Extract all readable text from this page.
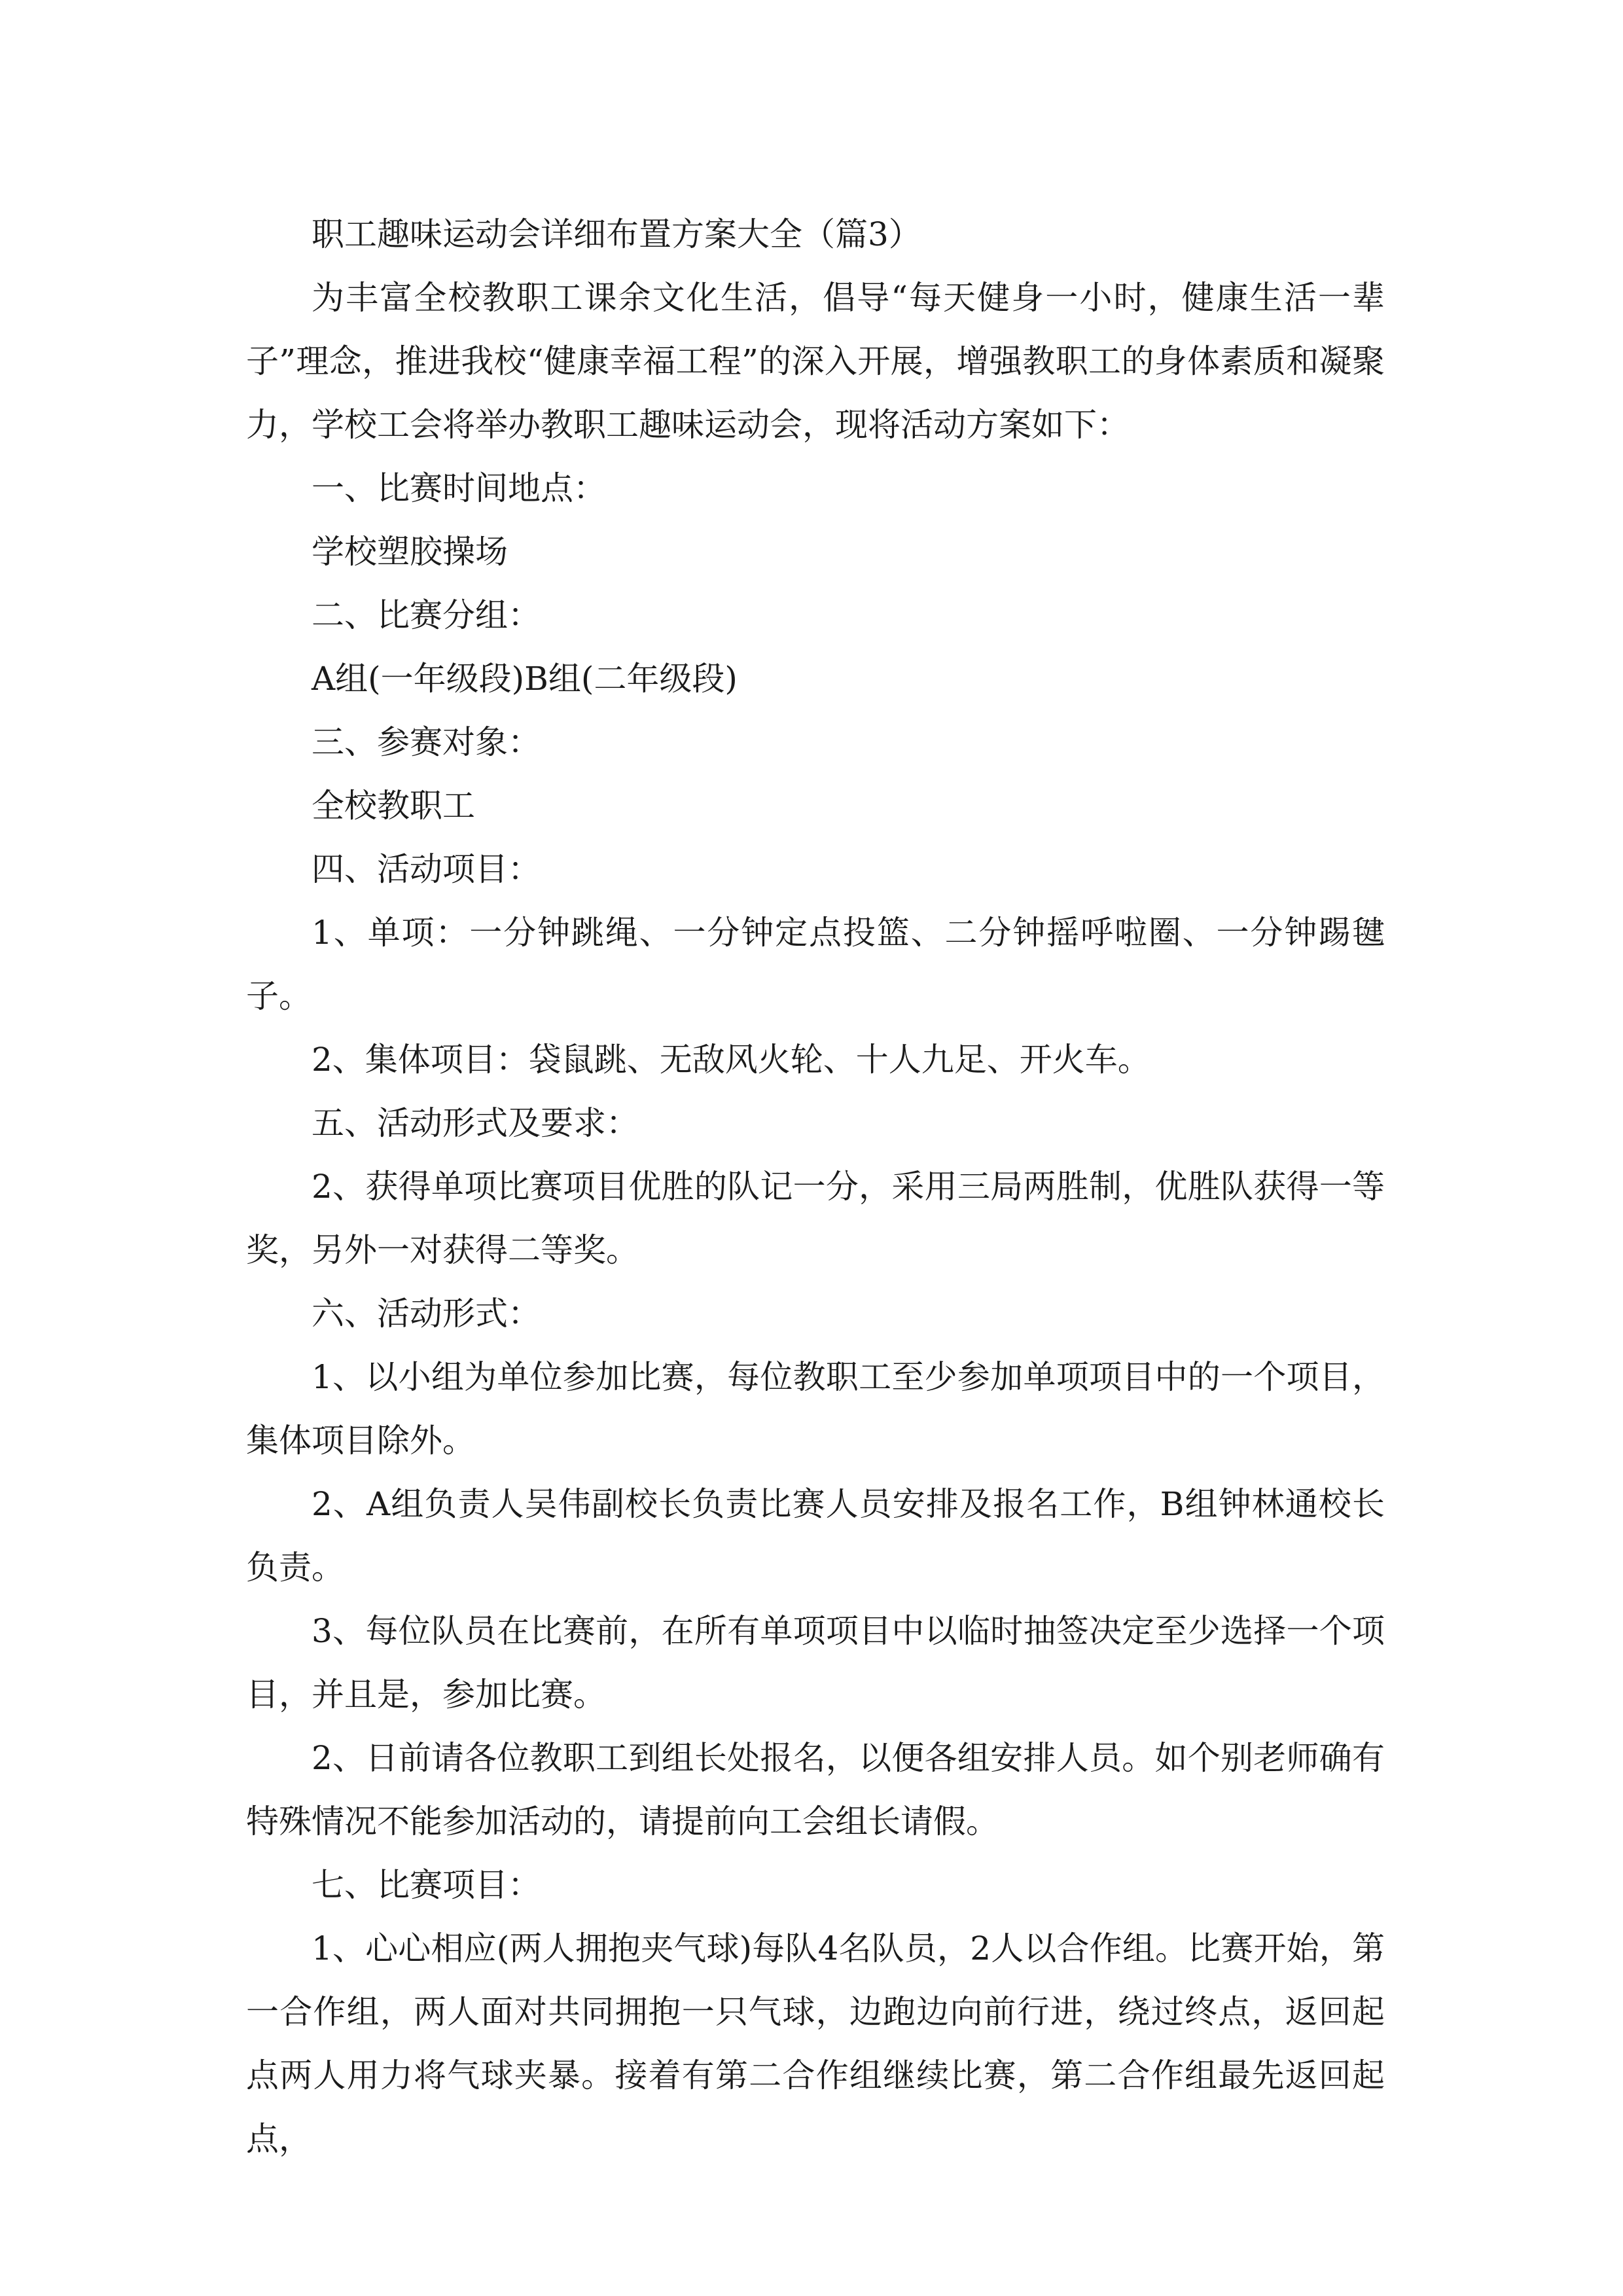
职工趣味运动会详细布置方案大全（篇3）

为丰富全校教职工课余文化生活，倡导“每天健身一小时，健康生活一辈子”理念，推进我校“健康幸福工程”的深入开展，增强教职工的身体素质和凝聚力，学校工会将举办教职工趣味运动会，现将活动方案如下：

一、比赛时间地点：

学校塑胶操场

二、比赛分组：

A组(一年级段)B组(二年级段)

三、参赛对象：

全校教职工

四、活动项目：

1、单项：一分钟跳绳、一分钟定点投篮、二分钟摇呼啦圈、一分钟踢毽子。

2、集体项目：袋鼠跳、无敌风火轮、十人九足、开火车。

五、活动形式及要求：

2、获得单项比赛项目优胜的队记一分，采用三局两胜制，优胜队获得一等奖，另外一对获得二等奖。

六、活动形式：

1、以小组为单位参加比赛，每位教职工至少参加单项项目中的一个项目，集体项目除外。

2、A组负责人吴伟副校长负责比赛人员安排及报名工作，B组钟林通校长负责。

3、每位队员在比赛前，在所有单项项目中以临时抽签决定至少选择一个项目，并且是，参加比赛。

2、日前请各位教职工到组长处报名，以便各组安排人员。如个别老师确有特殊情况不能参加活动的，请提前向工会组长请假。

七、比赛项目：

1、心心相应(两人拥抱夹气球)每队4名队员，2人以合作组。比赛开始，第一合作组，两人面对共同拥抱一只气球，边跑边向前行进，绕过终点，返回起点两人用力将气球夹暴。接着有第二合作组继续比赛，第二合作组最先返回起点，
